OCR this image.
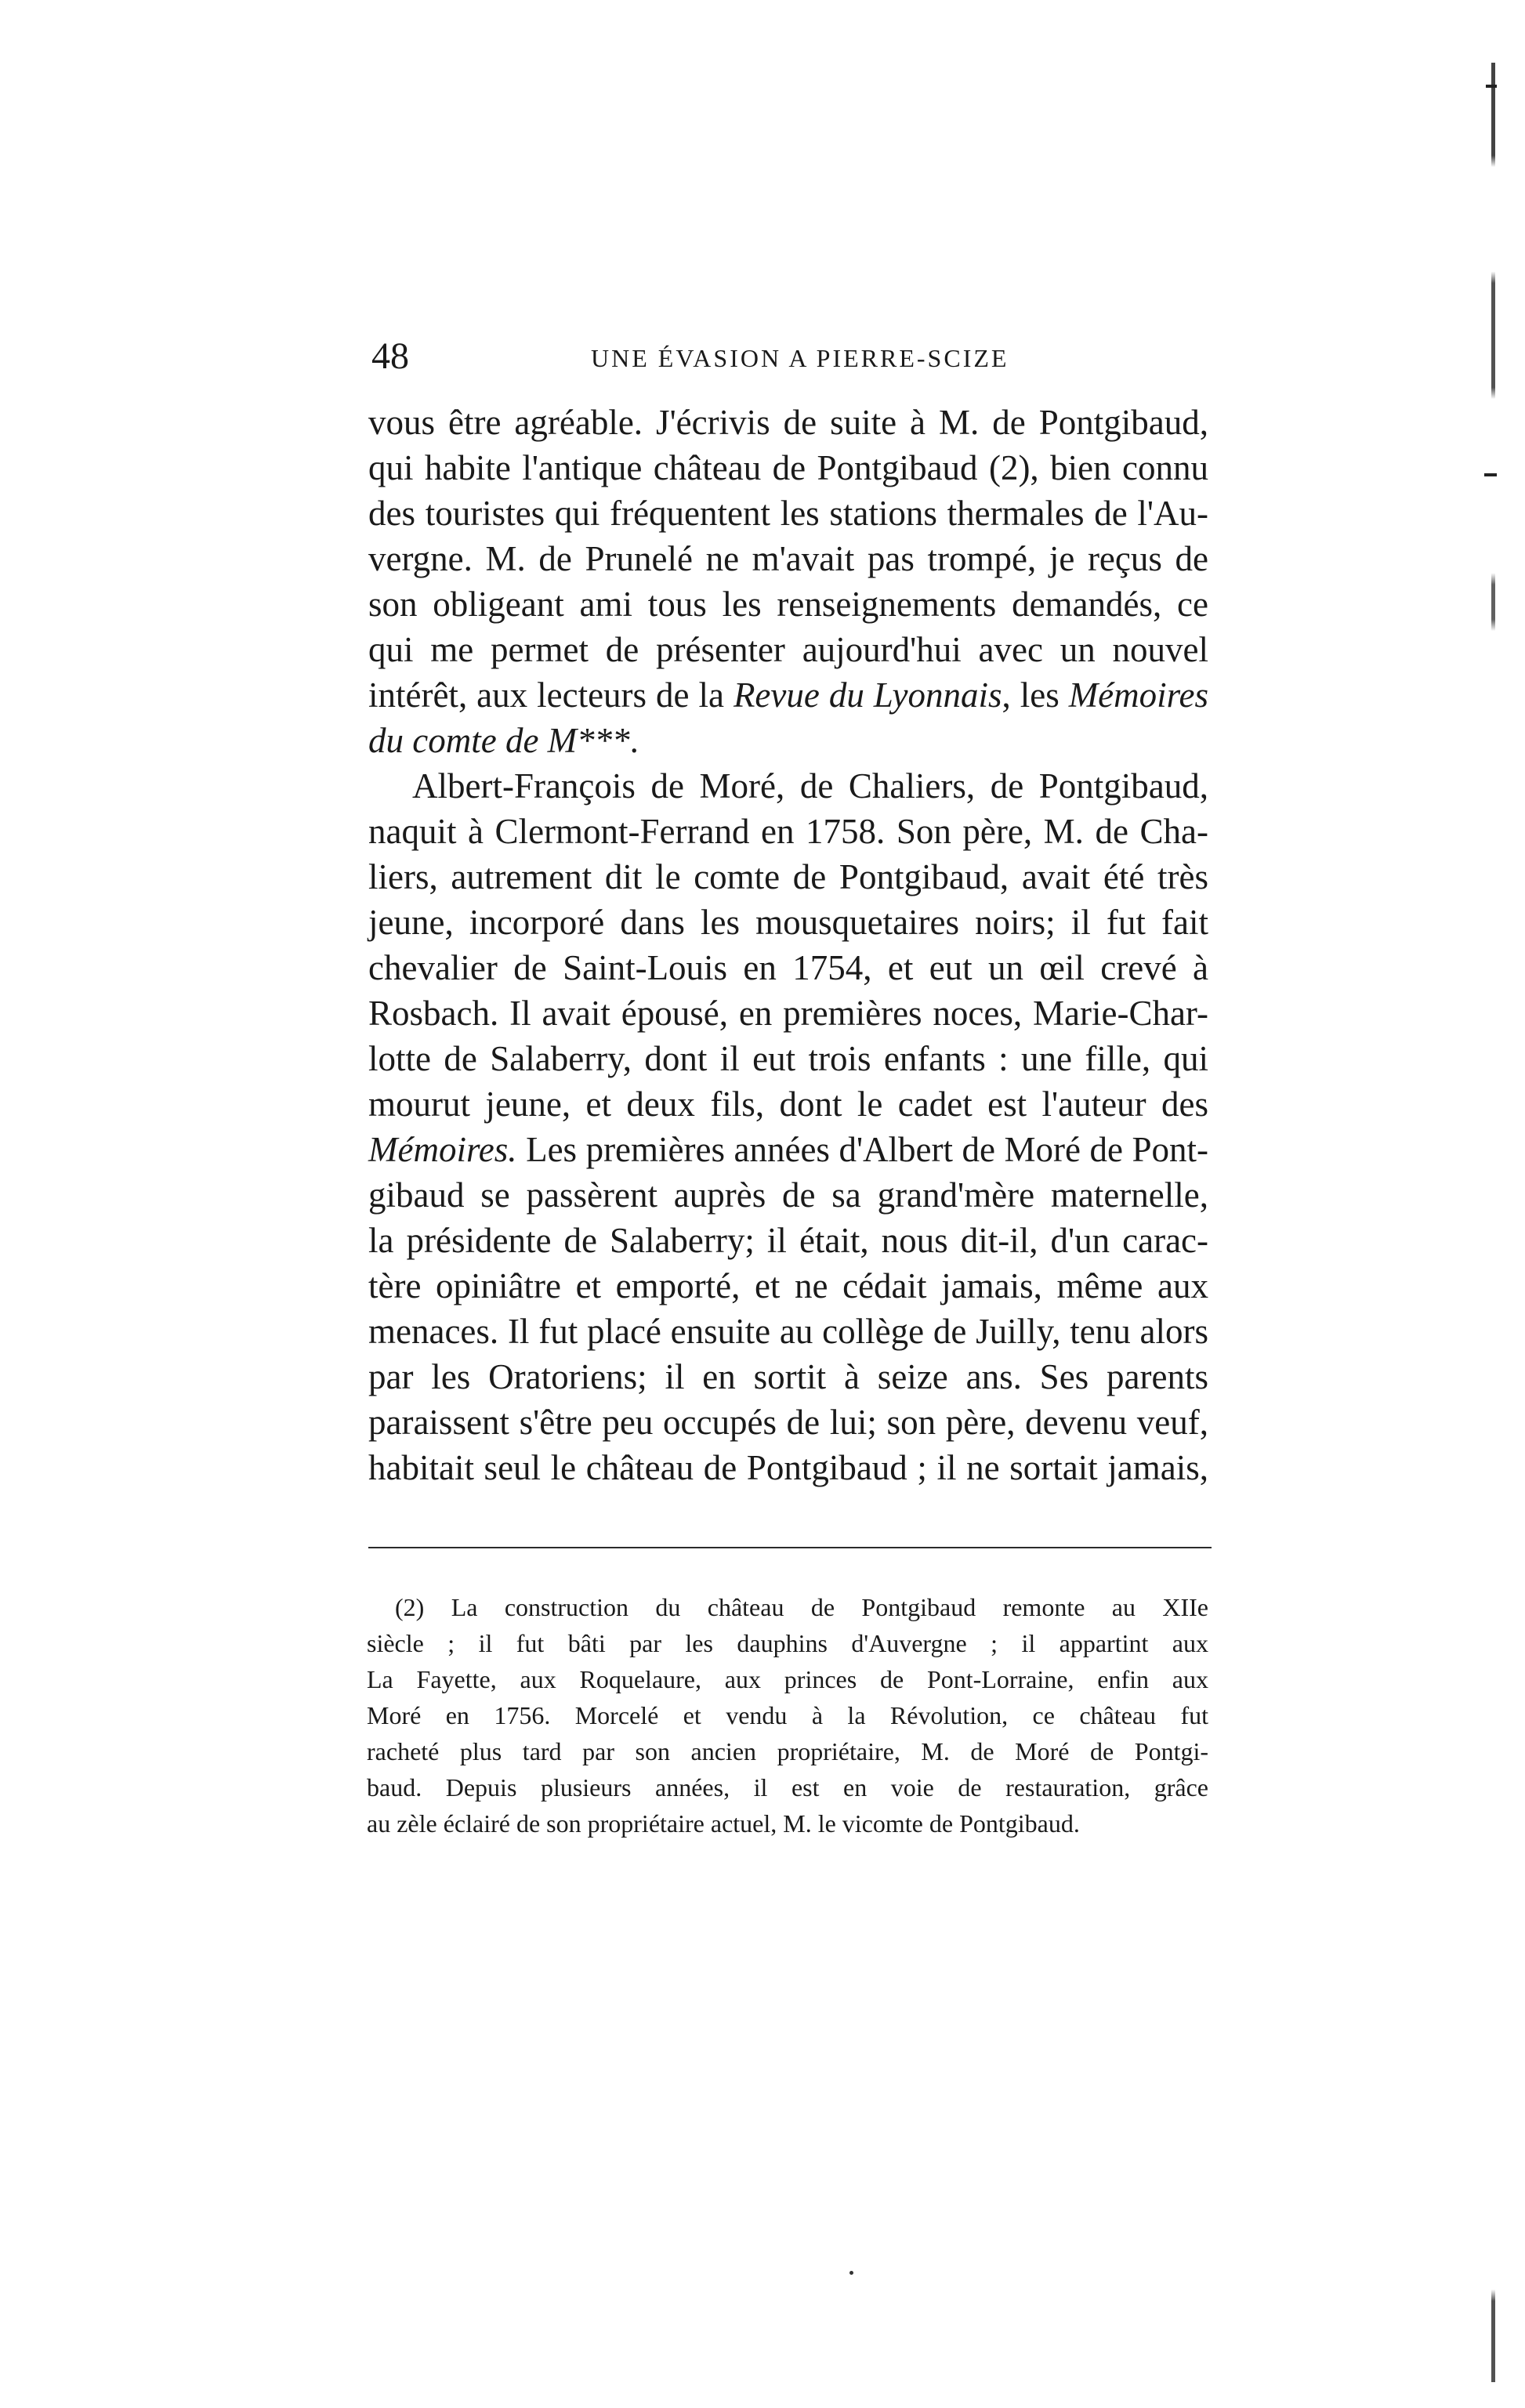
48	UNE ÉVASION A PIERRE-SCIZE
vous être agréable. J'écrivis de suite à M. de Pontgibaud,
qui habite l'antique château de Pontgibaud (2), bien connu
des touristes qui fréquentent les stations thermales de l'Au-
vergne. M. de Prunelé ne m'avait pas trompé, je reçus de
son obligeant ami tous les renseignements demandés, ce
qui me permet de présenter aujourd'hui avec un nouvel
intérêt, aux lecteurs de la Revue du Lyonnais, les Mémoires
du comte de M***.
Albert-François de Moré, de Chaliers, de Pontgibaud,
naquit à Clermont-Ferrand en 1758. Son père, M. de Cha-
liers, autrement dit le comte de Pontgibaud, avait été très
jeune, incorporé dans les mousquetaires noirs; il fut fait
chevalier de Saint-Louis en 1754, et eut un œil crevé à
Rosbach. Il avait épousé, en premières noces, Marie-Char-
lotte de Salaberry, dont il eut trois enfants : une fille, qui
mourut jeune, et deux fils, dont le cadet est l'auteur des
Mémoires. Les premières années d'Albert de Moré de Pont-
gibaud se passèrent auprès de sa grand'mère maternelle,
la présidente de Salaberry; il était, nous dit-il, d'un carac-
tère opiniâtre et emporté, et ne cédait jamais, même aux
menaces. Il fut placé ensuite au collège de Juilly, tenu alors
par les Oratoriens; il en sortit à seize ans. Ses parents
paraissent s'être peu occupés de lui; son père, devenu veuf,
habitait seul le château de Pontgibaud ; il ne sortait jamais,
(2) La construction du château de Pontgibaud remonte au XIIe
siècle ; il fut bâti par les dauphins d'Auvergne ; il appartint aux
La Fayette, aux Roquelaure, aux princes de Pont-Lorraine, enfin aux
Moré en 1756. Morcelé et vendu à la Révolution, ce château fut
racheté plus tard par son ancien propriétaire, M. de Moré de Pontgi-
baud. Depuis plusieurs années, il est en voie de restauration, grâce
au zèle éclairé de son propriétaire actuel, M. le vicomte de Pontgibaud.
